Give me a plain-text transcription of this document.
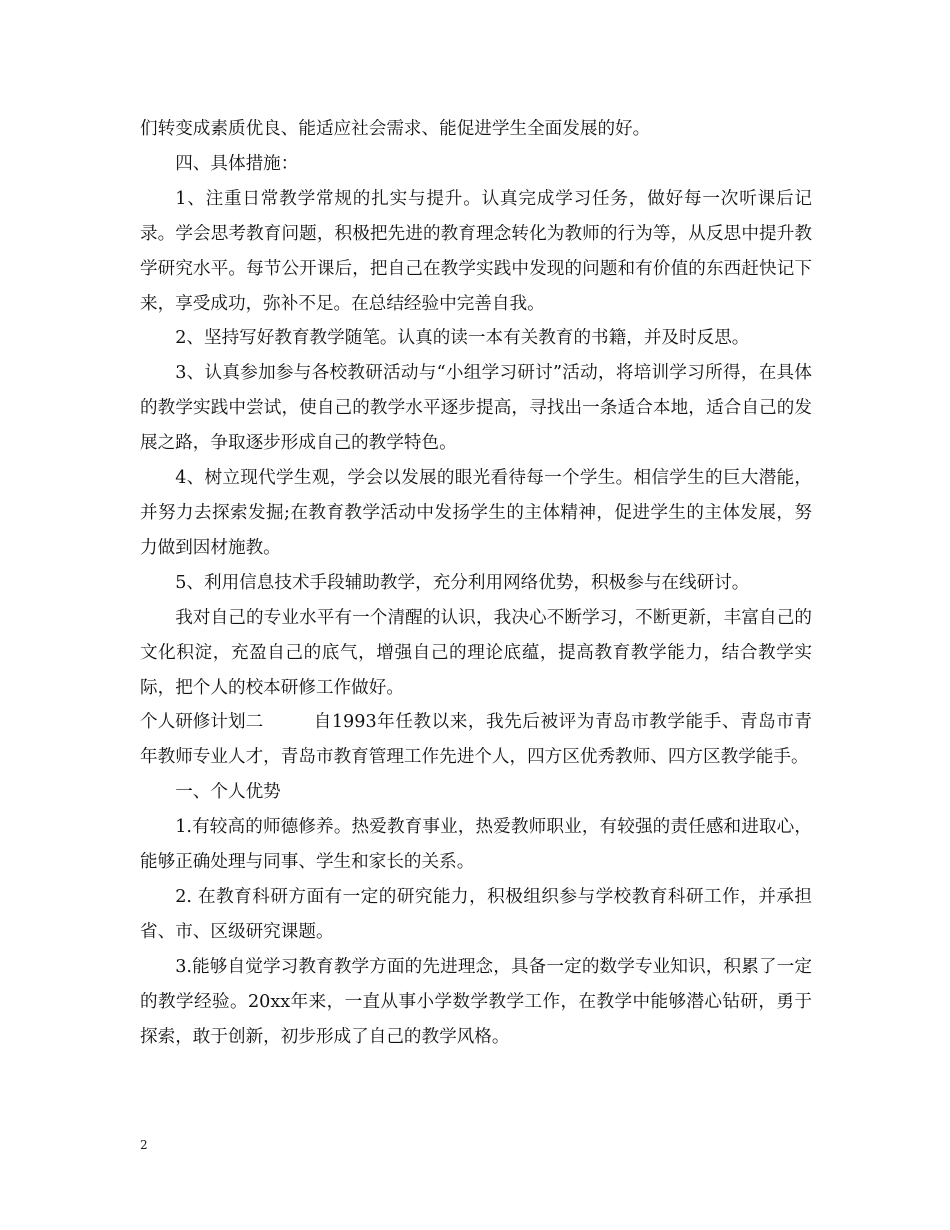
们转变成素质优良、能适应社会需求、能促进学生全面发展的好。

四、具体措施：

1、注重日常教学常规的扎实与提升。认真完成学习任务，做好每一次听课后记录。学会思考教育问题，积极把先进的教育理念转化为教师的行为等，从反思中提升教学研究水平。每节公开课后，把自己在教学实践中发现的问题和有价值的东西赶快记下来，享受成功，弥补不足。在总结经验中完善自我。

2、坚持写好教育教学随笔。认真的读一本有关教育的书籍，并及时反思。

3、认真参加参与各校教研活动与“小组学习研讨”活动，将培训学习所得，在具体的教学实践中尝试，使自己的教学水平逐步提高，寻找出一条适合本地，适合自己的发展之路，争取逐步形成自己的教学特色。

4、树立现代学生观，学会以发展的眼光看待每一个学生。相信学生的巨大潜能，并努力去探索发掘;在教育教学活动中发扬学生的主体精神，促进学生的主体发展，努力做到因材施教。

5、利用信息技术手段辅助教学，充分利用网络优势，积极参与在线研讨。

我对自己的专业水平有一个清醒的认识，我决心不断学习，不断更新，丰富自己的文化积淀，充盈自己的底气，增强自己的理论底蕴，提高教育教学能力，结合教学实际，把个人的校本研修工作做好。

个人研修计划二	自1993年任教以来，我先后被评为青岛市教学能手、青岛市青年教师专业人才，青岛市教育管理工作先进个人，四方区优秀教师、四方区教学能手。

一、个人优势

1.有较高的师德修养。热爱教育事业，热爱教师职业，有较强的责任感和进取心，能够正确处理与同事、学生和家长的关系。

2. 在教育科研方面有一定的研究能力，积极组织参与学校教育科研工作，并承担省、市、区级研究课题。

3.能够自觉学习教育教学方面的先进理念，具备一定的数学专业知识，积累了一定的教学经验。20xx年来，一直从事小学数学教学工作，在教学中能够潜心钻研，勇于探索，敢于创新，初步形成了自己的教学风格。

2
